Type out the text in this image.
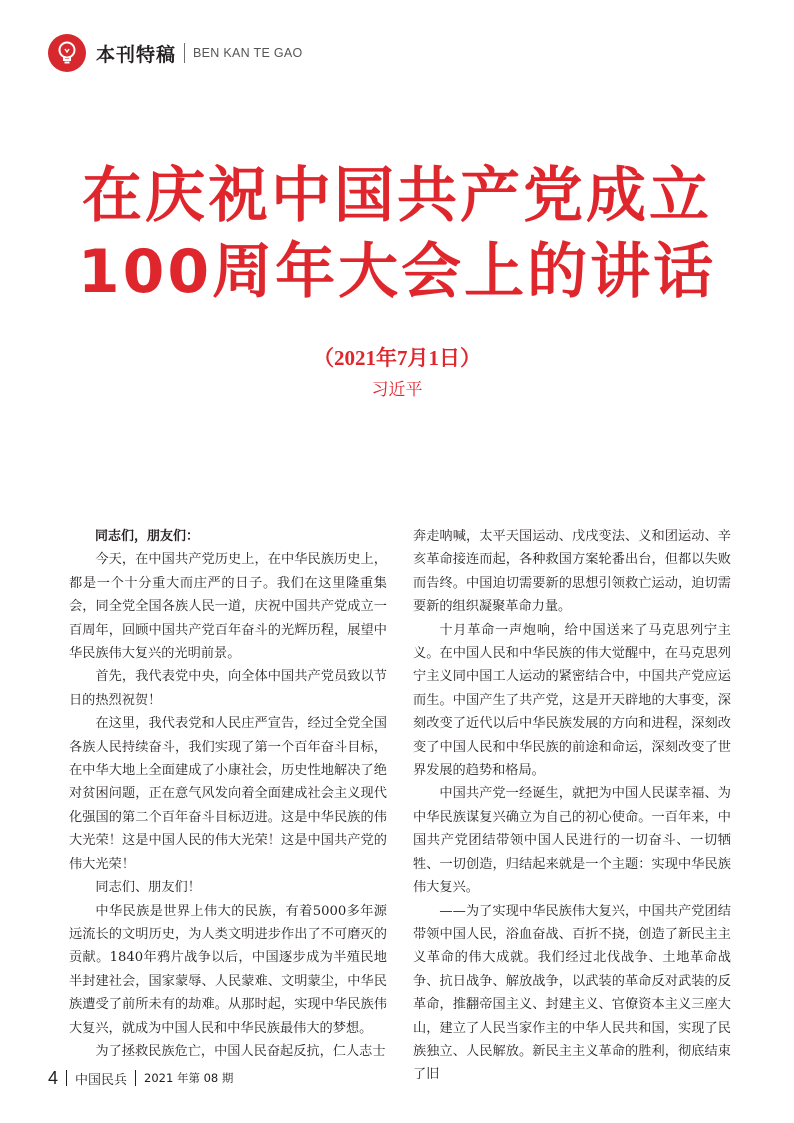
本刊特稿 BEN KAN TE GAO
在庆祝中国共产党成立
100周年大会上的讲话
（2021年7月1日）
习近平

同志们，朋友们：

今天，在中国共产党历史上，在中华民族历史上，都是一个十分重大而庄严的日子。我们在这里隆重集会，同全党全国各族人民一道，庆祝中国共产党成立一百周年，回顾中国共产党百年奋斗的光辉历程，展望中华民族伟大复兴的光明前景。

首先，我代表党中央，向全体中国共产党员致以节日的热烈祝贺！

在这里，我代表党和人民庄严宣告，经过全党全国各族人民持续奋斗，我们实现了第一个百年奋斗目标，在中华大地上全面建成了小康社会，历史性地解决了绝对贫困问题，正在意气风发向着全面建成社会主义现代化强国的第二个百年奋斗目标迈进。这是中华民族的伟大光荣！这是中国人民的伟大光荣！这是中国共产党的伟大光荣！

同志们、朋友们！

中华民族是世界上伟大的民族，有着5000多年源远流长的文明历史，为人类文明进步作出了不可磨灭的贡献。1840年鸦片战争以后，中国逐步成为半殖民地半封建社会，国家蒙辱、人民蒙难、文明蒙尘，中华民族遭受了前所未有的劫难。从那时起，实现中华民族伟大复兴，就成为中国人民和中华民族最伟大的梦想。

为了拯救民族危亡，中国人民奋起反抗，仁人志士

奔走呐喊，太平天国运动、戊戌变法、义和团运动、辛亥革命接连而起，各种救国方案轮番出台，但都以失败而告终。中国迫切需要新的思想引领救亡运动，迫切需要新的组织凝聚革命力量。

十月革命一声炮响，给中国送来了马克思列宁主义。在中国人民和中华民族的伟大觉醒中，在马克思列宁主义同中国工人运动的紧密结合中，中国共产党应运而生。中国产生了共产党，这是开天辟地的大事变，深刻改变了近代以后中华民族发展的方向和进程，深刻改变了中国人民和中华民族的前途和命运，深刻改变了世界发展的趋势和格局。

中国共产党一经诞生，就把为中国人民谋幸福、为中华民族谋复兴确立为自己的初心使命。一百年来，中国共产党团结带领中国人民进行的一切奋斗、一切牺牲、一切创造，归结起来就是一个主题：实现中华民族伟大复兴。

——为了实现中华民族伟大复兴，中国共产党团结带领中国人民，浴血奋战、百折不挠，创造了新民主主义革命的伟大成就。我们经过北伐战争、土地革命战争、抗日战争、解放战争，以武装的革命反对武装的反革命，推翻帝国主义、封建主义、官僚资本主义三座大山，建立了人民当家作主的中华人民共和国，实现了民族独立、人民解放。新民主主义革命的胜利，彻底结束了旧

4 中国民兵 2021 年第 08 期
